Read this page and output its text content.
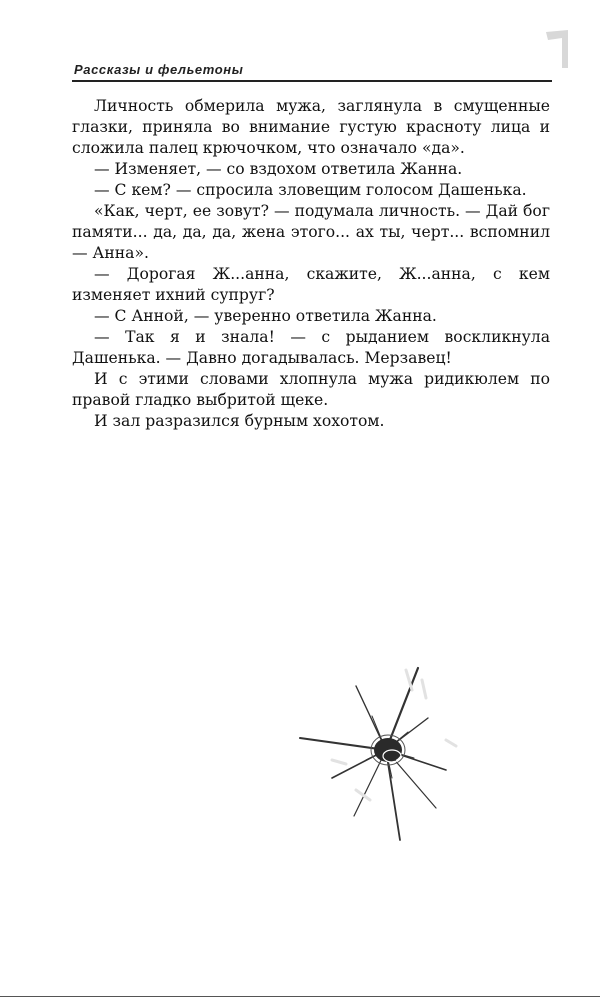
Рассказы и фельетоны

Личность обмерила мужа, заглянула в смущенные глазки, приняла во внимание густую красноту лица и сложила палец крючочком, что означало «да».

— Изменяет, — со вздохом ответила Жанна.

— С кем? — спросила зловещим голосом Дашенька.

«Как, черт, ее зовут? — подумала личность. — Дай бог памяти... да, да, да, жена этого... ах ты, черт... вспомнил — Анна».

— Дорогая Ж...анна, скажите, Ж...анна, с кем изменяет ихний супруг?

— С Анной, — уверенно ответила Жанна.

— Так я и знала! — с рыданием воскликнула Дашенька. — Давно догадывалась. Мерзавец!

И с этими словами хлопнула мужа ридикюлем по правой гладко выбритой щеке.

И зал разразился бурным хохотом.
